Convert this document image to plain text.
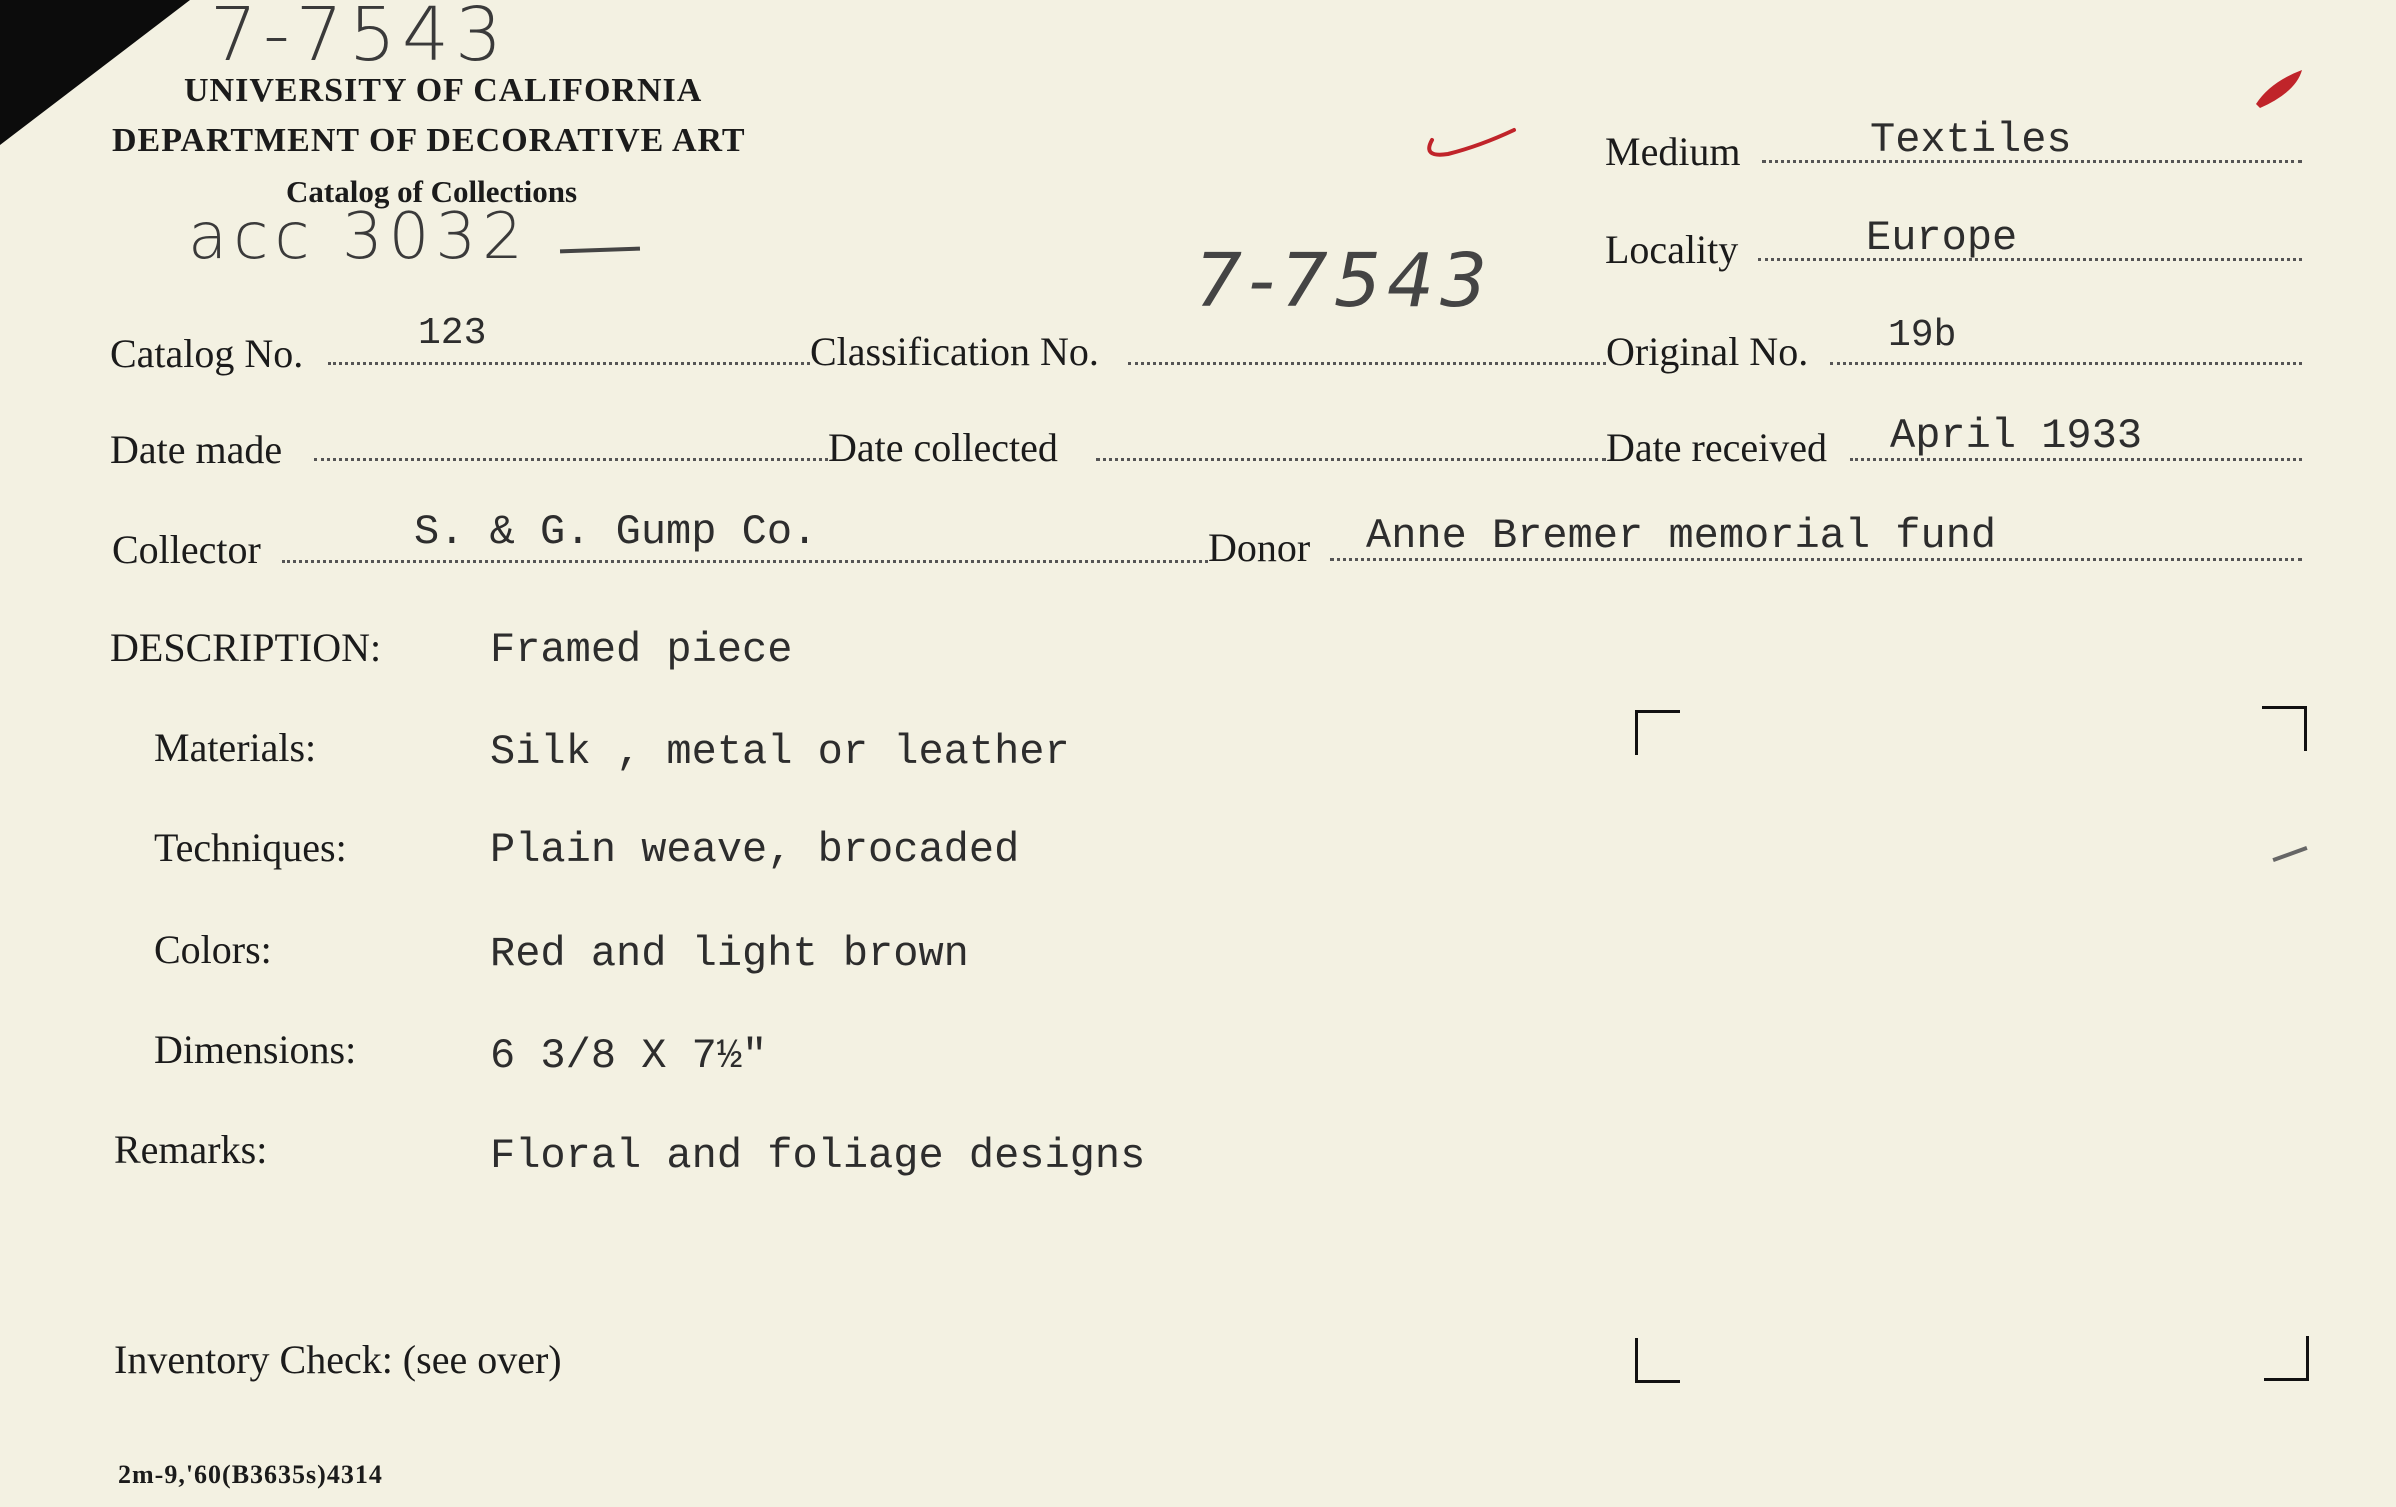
7-7543
acc 3032
7-7543
UNIVERSITY OF CALIFORNIA
DEPARTMENT OF DECORATIVE ART
Catalog of Collections
Medium	Textiles
Locality	Europe
Catalog No.	123	Classification No.	Original No. 19b
Date made	Date collected	Date received April 1933
Collector	S. & G. Gump Co.	Donor Anne Bremer memorial fund
DESCRIPTION:	Framed piece
Materials:	Silk , metal or leather
Techniques:	Plain weave, brocaded
Colors:	Red and light brown
Dimensions:	6 3/8 X 7½"
Remarks:	Floral and foliage designs
Inventory Check: (see over)
2m-9,'60(B3635s)4314
